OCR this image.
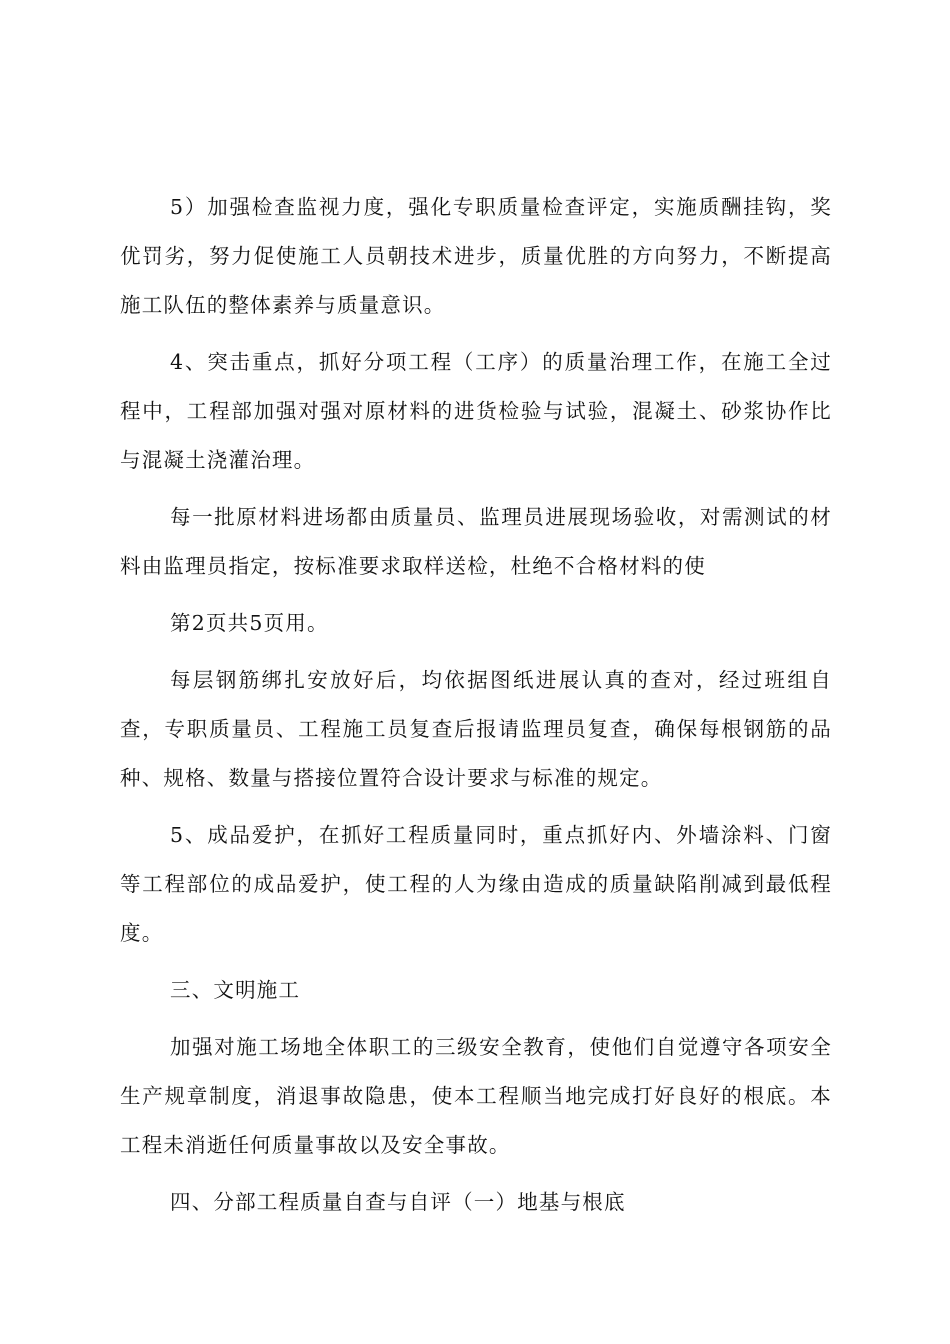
5）加强检查监视力度，强化专职质量检查评定，实施质酬挂钩，奖优罚劣，努力促使施工人员朝技术进步，质量优胜的方向努力，不断提高施工队伍的整体素养与质量意识。

4、突击重点，抓好分项工程（工序）的质量治理工作，在施工全过程中，工程部加强对强对原材料的进货检验与试验，混凝土、砂浆协作比与混凝土浇灌治理。

每一批原材料进场都由质量员、监理员进展现场验收，对需测试的材料由监理员指定，按标准要求取样送检，杜绝不合格材料的使

第2页共5页用。

每层钢筋绑扎安放好后，均依据图纸进展认真的查对，经过班组自查，专职质量员、工程施工员复查后报请监理员复查，确保每根钢筋的品种、规格、数量与搭接位置符合设计要求与标准的规定。

5、成品爱护，在抓好工程质量同时，重点抓好内、外墙涂料、门窗等工程部位的成品爱护，使工程的人为缘由造成的质量缺陷削减到最低程度。

三、文明施工

加强对施工场地全体职工的三级安全教育，使他们自觉遵守各项安全生产规章制度，消退事故隐患，使本工程顺当地完成打好良好的根底。本工程未消逝任何质量事故以及安全事故。

四、分部工程质量自查与自评（一）地基与根底
